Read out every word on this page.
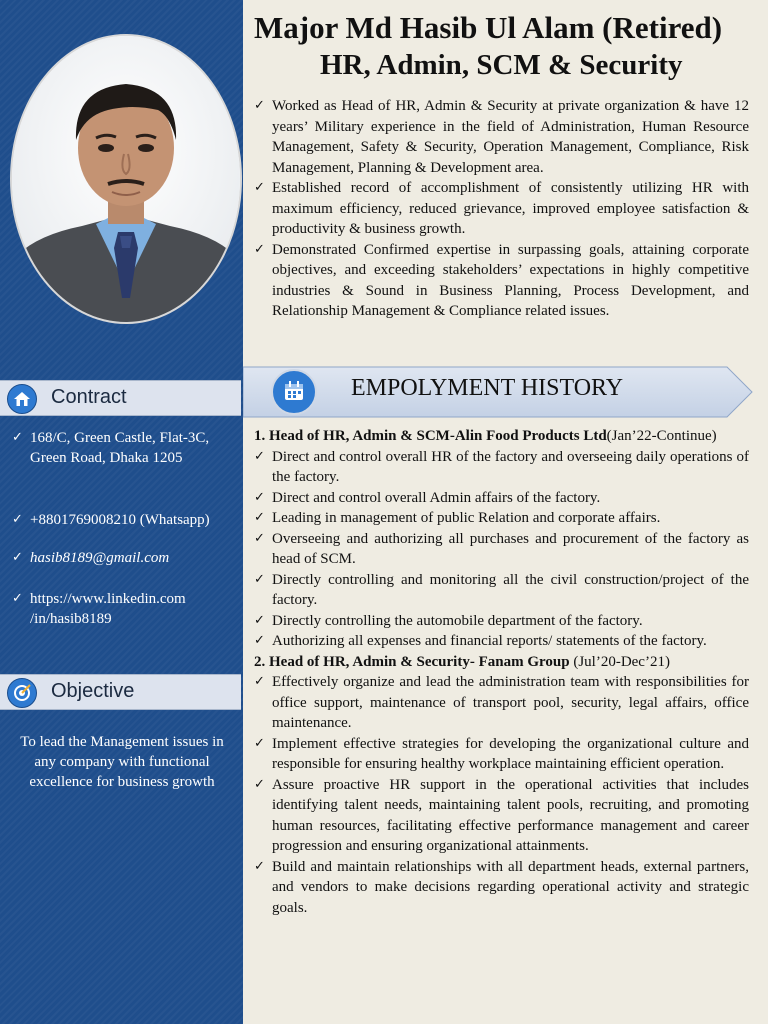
Contract
✓ 168/C, Green Castle, Flat-3C, Green Road, Dhaka 1205
✓ +8801769008210 (Whatsapp)
✓ hasib8189@gmail.com
✓ https://www.linkedin.com /in/hasib8189
Objective
To lead the Management issues in any company with functional excellence for business growth
Major Md Hasib Ul Alam (Retired)
HR, Admin, SCM & Security
✓ Worked as Head of HR, Admin & Security at private organization & have 12 years’ Military experience in the field of Administration, Human Resource Management, Safety & Security, Operation Management, Compliance, Risk Management, Planning & Development area.
✓ Established record of accomplishment of consistently utilizing HR with maximum efficiency, reduced grievance, improved employee satisfaction & productivity & business growth.
✓ Demonstrated Confirmed expertise in surpassing goals, attaining corporate objectives, and exceeding stakeholders’ expectations in highly competitive industries & Sound in Business Planning, Process Development, and Relationship Management & Compliance related issues.
EMPOLYMENT HISTORY
1. Head of HR, Admin & SCM-Alin Food Products Ltd(Jan’22-Continue)
✓ Direct and control overall HR of the factory and overseeing daily operations of the factory.
✓ Direct and control overall Admin affairs of the factory.
✓ Leading in management of public Relation and corporate affairs.
✓ Overseeing and authorizing all purchases and procurement of the factory as head of SCM.
✓ Directly controlling and monitoring all the civil construction/project of the factory.
✓ Directly controlling the automobile department of the factory.
✓ Authorizing all expenses and financial reports/ statements of the factory.
2. Head of HR, Admin & Security- Fanam Group (Jul’20-Dec’21)
✓ Effectively organize and lead the administration team with responsibilities for office support, maintenance of transport pool, security, legal affairs, office maintenance.
✓ Implement effective strategies for developing the organizational culture and responsible for ensuring healthy workplace maintaining efficient operation.
✓ Assure proactive HR support in the operational activities that includes identifying talent needs, maintaining talent pools, recruiting, and promoting human resources, facilitating effective performance management and career progression and ensuring organizational attainments.
✓ Build and maintain relationships with all department heads, external partners, and vendors to make decisions regarding operational activity and strategic goals.
